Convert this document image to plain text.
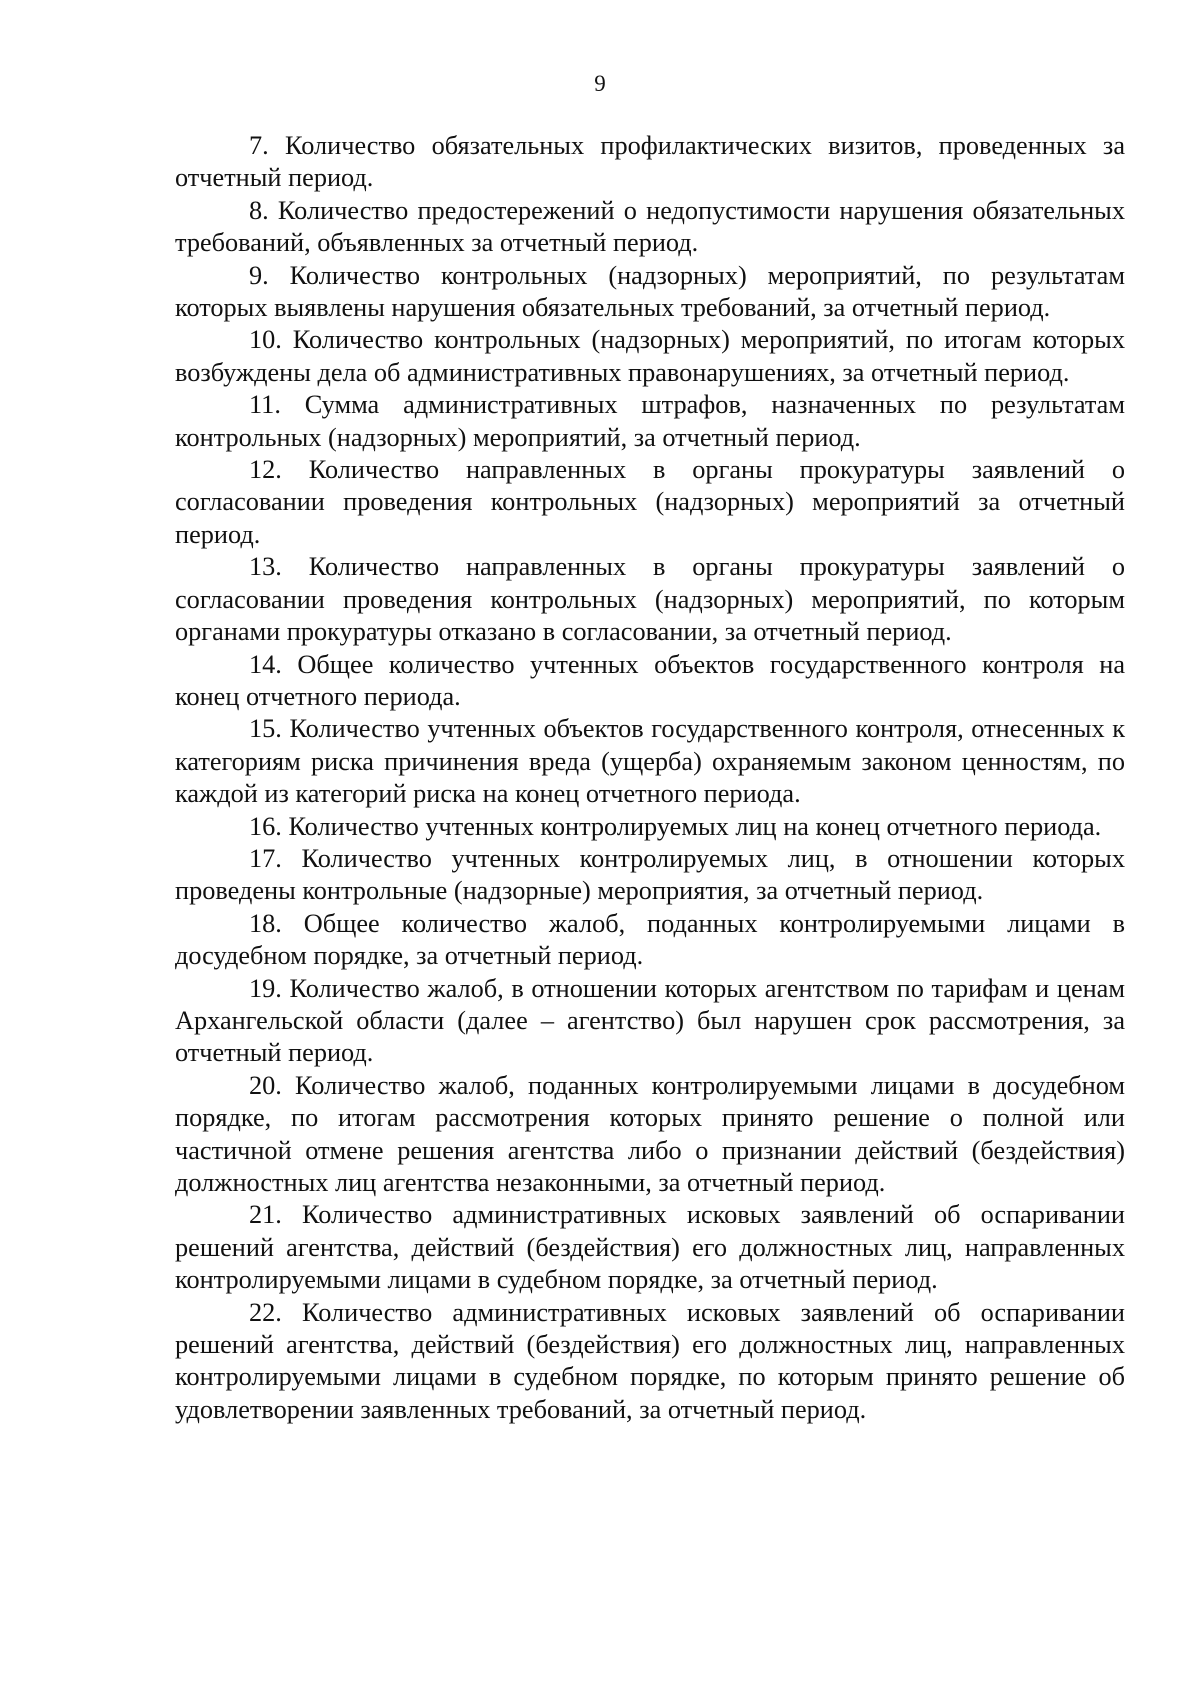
9

7. Количество обязательных профилактических визитов, проведенных за отчетный период.

8. Количество предостережений о недопустимости нарушения обязательных требований, объявленных за отчетный период.

9. Количество контрольных (надзорных) мероприятий, по результатам которых выявлены нарушения обязательных требований, за отчетный период.

10. Количество контрольных (надзорных) мероприятий, по итогам которых возбуждены дела об административных правонарушениях, за отчетный период.

11. Сумма административных штрафов, назначенных по результатам контрольных (надзорных) мероприятий, за отчетный период.

12. Количество направленных в органы прокуратуры заявлений о согласовании проведения контрольных (надзорных) мероприятий за отчетный период.

13. Количество направленных в органы прокуратуры заявлений о согласовании проведения контрольных (надзорных) мероприятий, по которым органами прокуратуры отказано в согласовании, за отчетный период.

14. Общее количество учтенных объектов государственного контроля на конец отчетного периода.

15. Количество учтенных объектов государственного контроля, отнесенных к категориям риска причинения вреда (ущерба) охраняемым законом ценностям, по каждой из категорий риска на конец отчетного периода.

16. Количество учтенных контролируемых лиц на конец отчетного периода.

17. Количество учтенных контролируемых лиц, в отношении которых проведены контрольные (надзорные) мероприятия, за отчетный период.

18. Общее количество жалоб, поданных контролируемыми лицами в досудебном порядке, за отчетный период.

19. Количество жалоб, в отношении которых агентством по тарифам и ценам Архангельской области (далее – агентство) был нарушен срок рассмотрения, за отчетный период.

20. Количество жалоб, поданных контролируемыми лицами в досудебном порядке, по итогам рассмотрения которых принято решение о полной или частичной отмене решения агентства либо о признании действий (бездействия) должностных лиц агентства незаконными, за отчетный период.

21. Количество административных исковых заявлений об оспаривании решений агентства, действий (бездействия) его должностных лиц, направленных контролируемыми лицами в судебном порядке, за отчетный период.

22. Количество административных исковых заявлений об оспаривании решений агентства, действий (бездействия) его должностных лиц, направленных контролируемыми лицами в судебном порядке, по которым принято решение об удовлетворении заявленных требований, за отчетный период.
